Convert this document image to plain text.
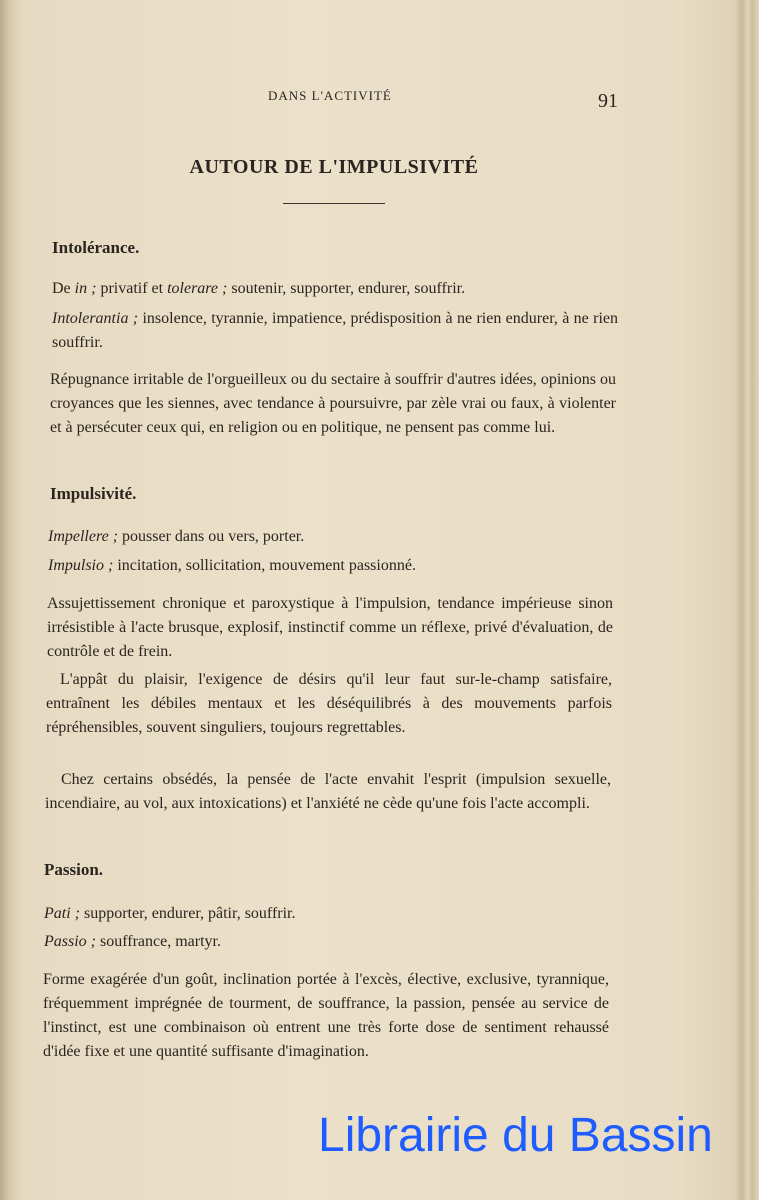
DANS L'ACTIVITÉ	91
AUTOUR DE L'IMPULSIVITÉ
Intolérance.
De in ; privatif et tolerare ; soutenir, supporter, endurer, souffrir.
Intolerantia ; insolence, tyrannie, impatience, prédisposition à ne rien endurer, à ne rien souffrir.
Répugnance irritable de l'orgueilleux ou du sectaire à souffrir d'autres idées, opinions ou croyances que les siennes, avec tendance à poursuivre, par zèle vrai ou faux, à violenter et à persécuter ceux qui, en religion ou en politique, ne pensent pas comme lui.
Impulsivité.
Impellere ; pousser dans ou vers, porter.
Impulsio ; incitation, sollicitation, mouvement passionné.
Assujettissement chronique et paroxystique à l'impulsion, tendance impérieuse sinon irrésistible à l'acte brusque, explosif, instinctif comme un réflexe, privé d'évaluation, de contrôle et de frein.
L'appât du plaisir, l'exigence de désirs qu'il leur faut sur-le-champ satisfaire, entraînent les débiles mentaux et les déséquilibrés à des mouvements parfois répréhensibles, souvent singuliers, toujours regrettables.
Chez certains obsédés, la pensée de l'acte envahit l'esprit (impulsion sexuelle, incendiaire, au vol, aux intoxications) et l'anxiété ne cède qu'une fois l'acte accompli.
Passion.
Pati ; supporter, endurer, pâtir, souffrir.
Passio ; souffrance, martyr.
Forme exagérée d'un goût, inclination portée à l'excès, élective, exclusive, tyrannique, fréquemment imprégnée de tourment, de souffrance, la passion, pensée au service de l'instinct, est une combinaison où entrent une très forte dose de sentiment rehaussé d'idée fixe et une quantité suffisante d'imagination.
Librairie du Bassin
